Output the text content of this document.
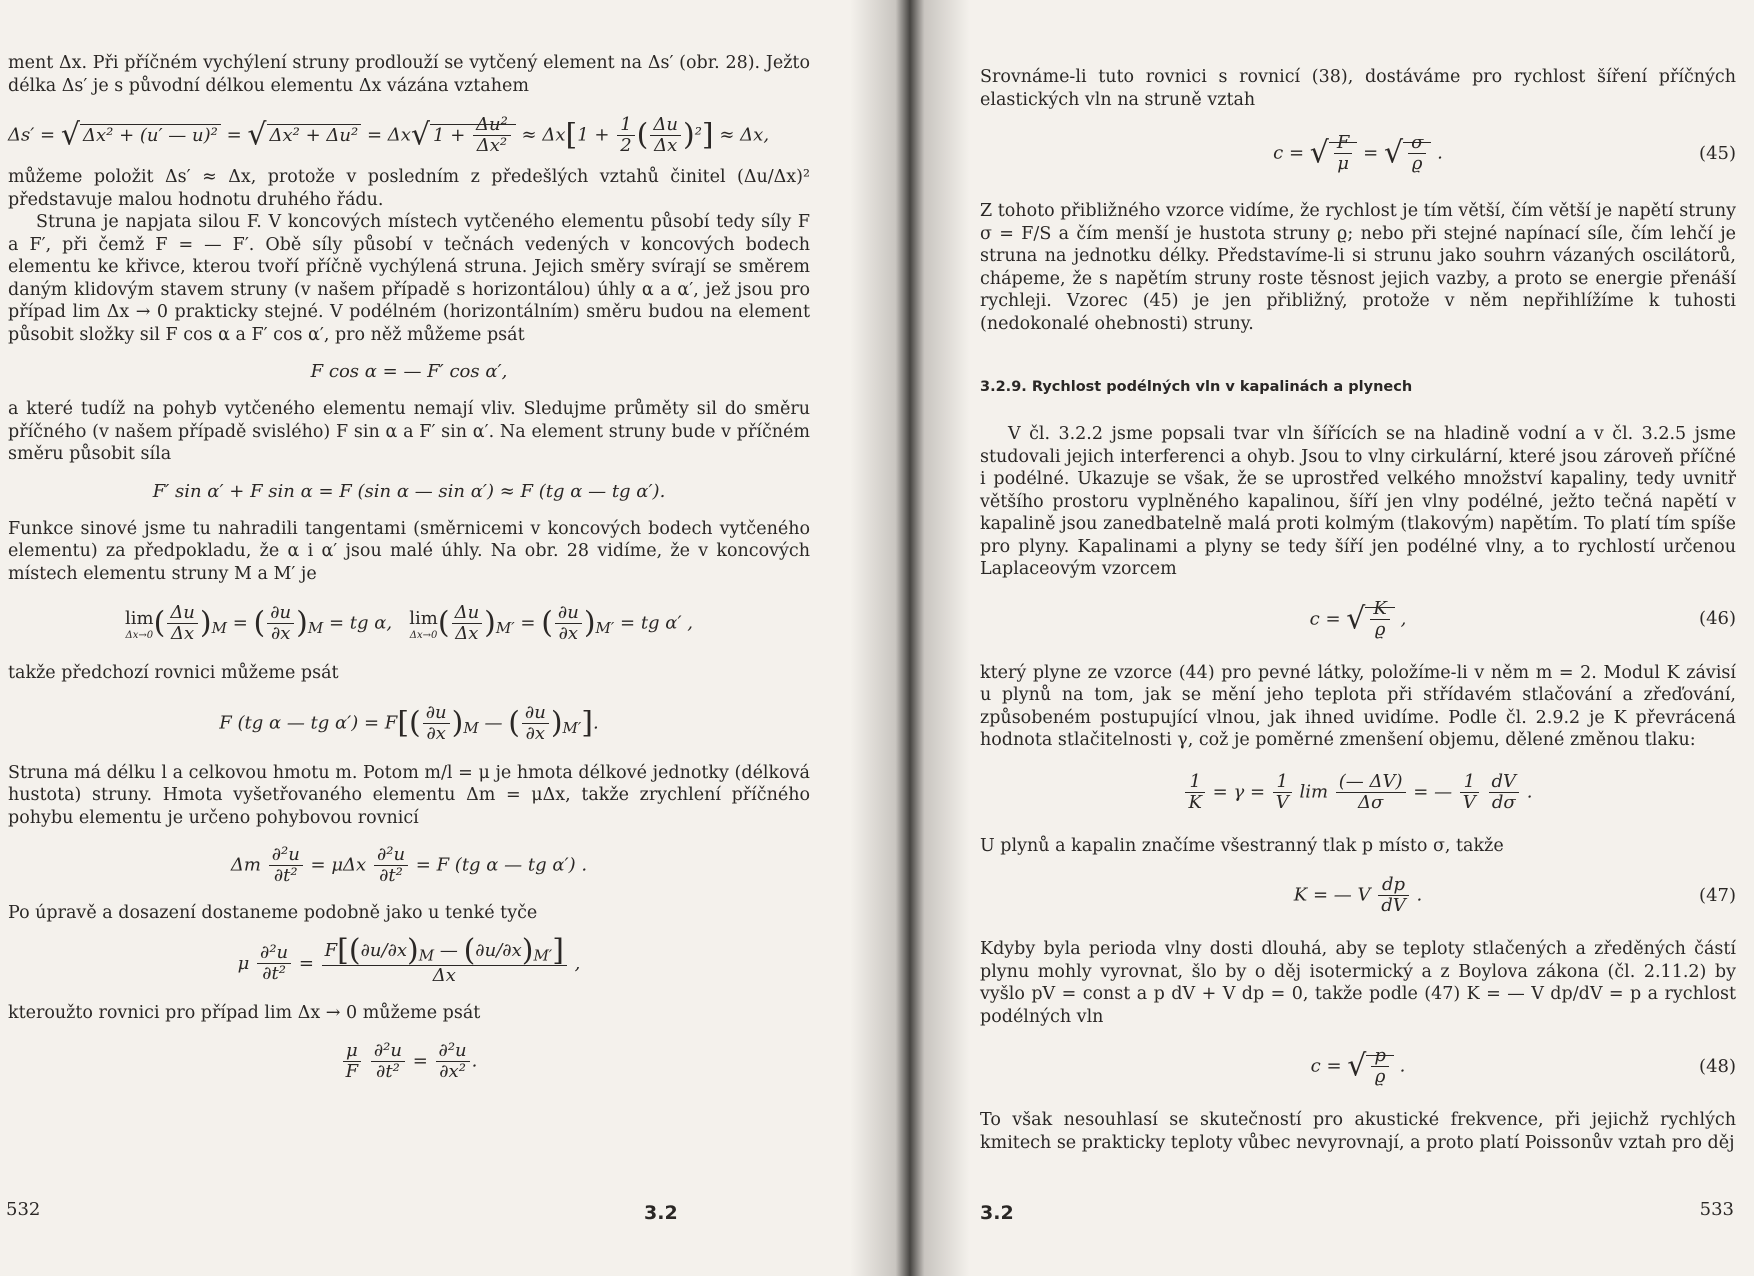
ment Δx. Při příčném vychýlení struny prodlouží se vytčený element na Δs′ (obr. 28). Ježto délka Δs′ je s původní délkou elementu Δx vázána vztahem

Δs′ = √ Δx² + (u′ — u)² = √ Δx² + Δu² = Δx√ $1 + \frac{\text{Δu²}}{\text{Δx²}} \approx \Delta x[1 + \frac{1}{2}$ ( $\frac{\Delta u}{\Delta x} )^2] \approx \Delta x$,

můžeme položit Δs′ ≈ Δx, protože v posledním z předešlých vztahů činitel (Δu/Δx)² představuje malou hodnotu druhého řádu.

Struna je napjata silou F. V koncových místech vytčeného elementu působí tedy síly F a F′, při čemž F = — F′. Obě síly působí v tečnách vedených v koncových bodech elementu ke křivce, kterou tvoří příčně vychýlená struna. Jejich směry svírají se směrem daným klidovým stavem struny (v našem případě s horizontálou) úhly α a α′, jež jsou pro případ lim Δx → 0 prakticky stejné. V podélném (horizontálním) směru budou na element působit složky sil F cos α a F′ cos α′, pro něž můžeme psát

F cos α = — F′ cos α′,

a které tudíž na pohyb vytčeného elementu nemají vliv. Sledujme průměty sil do směru příčného (v našem případě svislého) F sin α a F′ sin α′. Na element struny bude v příčném směru působit síla

F′ sin α′ + F sin α = F (sin α — sin α′) ≈ F (tg α — tg α′).

Funkce sinové jsme tu nahradili tangentami (směrnicemi v koncových bodech vytčeného elementu) za předpokladu, že α i α′ jsou malé úhly. Na obr. 28 vidíme, že v koncových místech elementu struny M a M′ je

lim
Δx→0 ( $\frac{\Delta u}{\Delta x} )_M$ = ( $\frac{\partial u}{\partial x} )_M$ = tg α,   lim
Δx→0 ( $\frac{\Delta u}{\Delta x} )_{M'}$ = ( $\frac{\partial u}{\partial x} )_{M'}$ = tg α′ ,

takže předchozí rovnici můžeme psát

F (tg α — tg $\alpha') = F[( \frac{\partial u}{\partial x} )_M$ — ( $\frac{\partial u}{\partial x} )_{M'}$].

Struna má délku l a celkovou hmotu m. Potom m/l = μ je hmota délkové jednotky (délková hustota) struny. Hmota vyšetřovaného elementu Δm = μΔx, takže zrychlení příčného pohybu elementu je určeno pohybovou rovnicí

Δm $\frac{\text{∂²u}}{\text{∂t²}} = \mu\Delta x \frac{\text{∂²u}}{\text{∂t²}} = F$ (tg α — tg α′) .

Po úpravě a dosazení dostaneme podobně jako u tenké tyče

μ $\frac{\text{∂²u}}{\text{∂t²}} = \frac{F[(\partial u/\partial x)_M — (\partial u/\partial x)_{M'}]}{\Delta x}$ ,

kteroužto rovnici pro případ lim Δx → 0 můžeme psát

$\frac{\mu}{F}$
$\frac{\text{∂²u}}{\text{∂t²}} = \frac{\text{∂²u}}{\text{∂x²}}$ .
532	3.2

Srovnáme-li tuto rovnici s rovnicí (38), dostáváme pro rychlost šíření příčných elastických vln na struně vztah

c = √ $\frac{F}{\mu}$ = √ $\frac{\sigma}{ϱ}$ .	(45)

Z tohoto přibližného vzorce vidíme, že rychlost je tím větší, čím větší je napětí struny σ = F/S a čím menší je hustota struny ϱ; nebo při stejné napínací síle, čím lehčí je struna na jednotku délky. Představíme-li si strunu jako souhrn vázaných oscilátorů, chápeme, že s napětím struny roste těsnost jejich vazby, a proto se energie přenáší rychleji. Vzorec (45) je jen přibližný, protože v něm nepřihlížíme k tuhosti (nedokonalé ohebnosti) struny.

3.2.9. Rychlost podélných vln v kapalinách a plynech

V čl. 3.2.2 jsme popsali tvar vln šířících se na hladině vodní a v čl. 3.2.5 jsme studovali jejich interferenci a ohyb. Jsou to vlny cirkulární, které jsou zároveň příčné i podélné. Ukazuje se však, že se uprostřed velkého množství kapaliny, tedy uvnitř většího prostoru vyplněného kapalinou, šíří jen vlny podélné, ježto tečná napětí v kapalině jsou zanedbatelně malá proti kolmým (tlakovým) napětím. To platí tím spíše pro plyny. Kapalinami a plyny se tedy šíří jen podélné vlny, a to rychlostí určenou Laplaceovým vzorcem

c = √ $\frac{K}{ϱ}$ ,	(46)

který plyne ze vzorce (44) pro pevné látky, položíme-li v něm m = 2. Modul K závisí u plynů na tom, jak se mění jeho teplota při střídavém stlačování a zřeďování, způsobeném postupující vlnou, jak ihned uvidíme. Podle čl. 2.9.2 je K převrácená hodnota stlačitelnosti γ, což je poměrné zmenšení objemu, dělené změnou tlaku:

$\frac{1}{K} = \gamma = \frac{1}{V}$ $\lim \frac{(— \Delta V)}{\Delta\sigma}$ = — $\frac{1}{V}$
$\frac{dV}{d\sigma}$ .

U plynů a kapalin značíme všestranný tlak p místo σ, takže

K = — V $\frac{dp}{dV}$ .	(47)

Kdyby byla perioda vlny dosti dlouhá, aby se teploty stlačených a zředěných částí plynu mohly vyrovnat, šlo by o děj isotermický a z Boylova zákona (čl. 2.11.2) by vyšlo pV = const a p dV + V dp = 0, takže podle (47) K = — V dp/dV = p a rychlost podélných vln

c = √ $\frac{p}{ϱ}$ .	(48)

To však nesouhlasí se skutečností pro akustické frekvence, při jejichž rychlých kmitech se prakticky teploty vůbec nevyrovnají, a proto platí Poissonův vztah pro děj

3.2	533
